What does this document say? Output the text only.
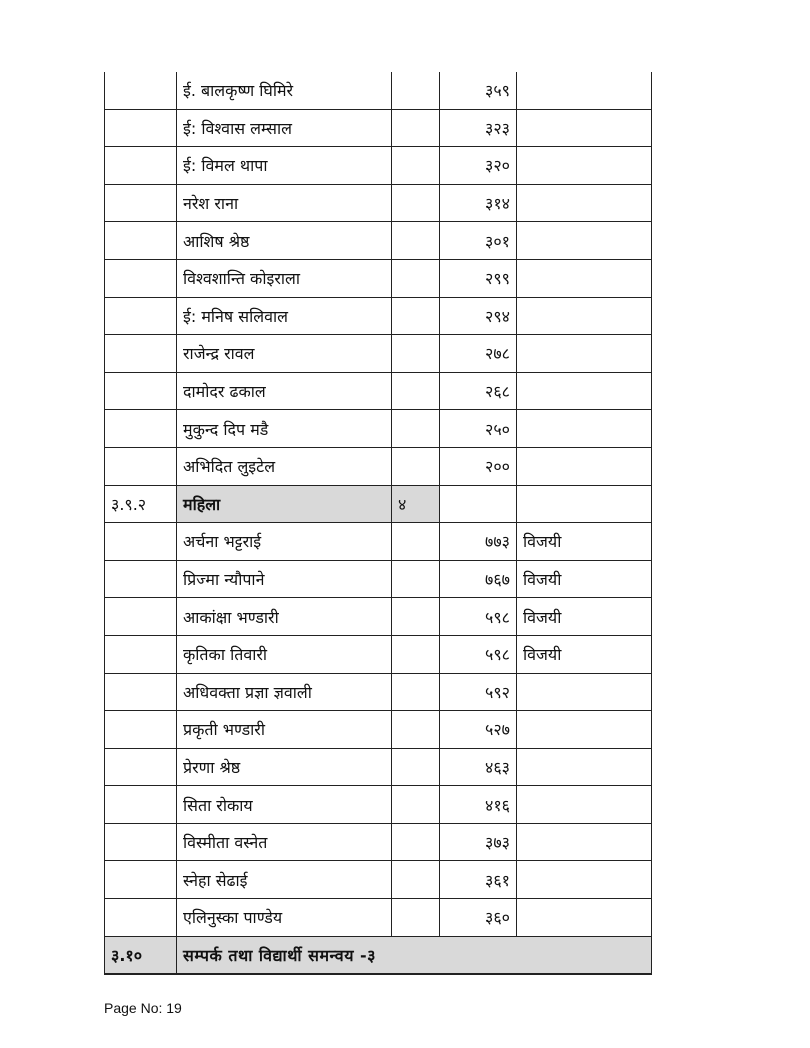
	ई. बालकृष्ण घिमिरे		३५९	
	ई: विश्वास लम्साल		३२३	
	ई: विमल थापा		३२०	
	नरेश राना		३१४	
	आशिष श्रेष्ठ		३०१	
	विश्वशान्ति कोइराला		२९९	
	ई: मनिष सलिवाल		२९४	
	राजेन्द्र रावल		२७८	
	दामोदर ढकाल		२६८	
	मुकुन्द दिप मडै		२५०	
	अभिदित लुइटेल		२००	
३.९.२	महिला	४		
	अर्चना भट्टराई		७७३	विजयी
	प्रिज्मा न्यौपाने		७६७	विजयी
	आकांक्षा भण्डारी		५९८	विजयी
	कृतिका तिवारी		५९८	विजयी
	अधिवक्ता प्रज्ञा ज्ञवाली		५९२	
	प्रकृती भण्डारी		५२७	
	प्रेरणा श्रेष्ठ		४६३	
	सिता रोकाय		४१६	
	विस्मीता वस्नेत		३७३	
	स्नेहा सेढाई		३६१	
	एलिनुस्का पाण्डेय		३६०	
३.१०	सम्पर्क तथा विद्यार्थी समन्वय -३			
Page No: 19
